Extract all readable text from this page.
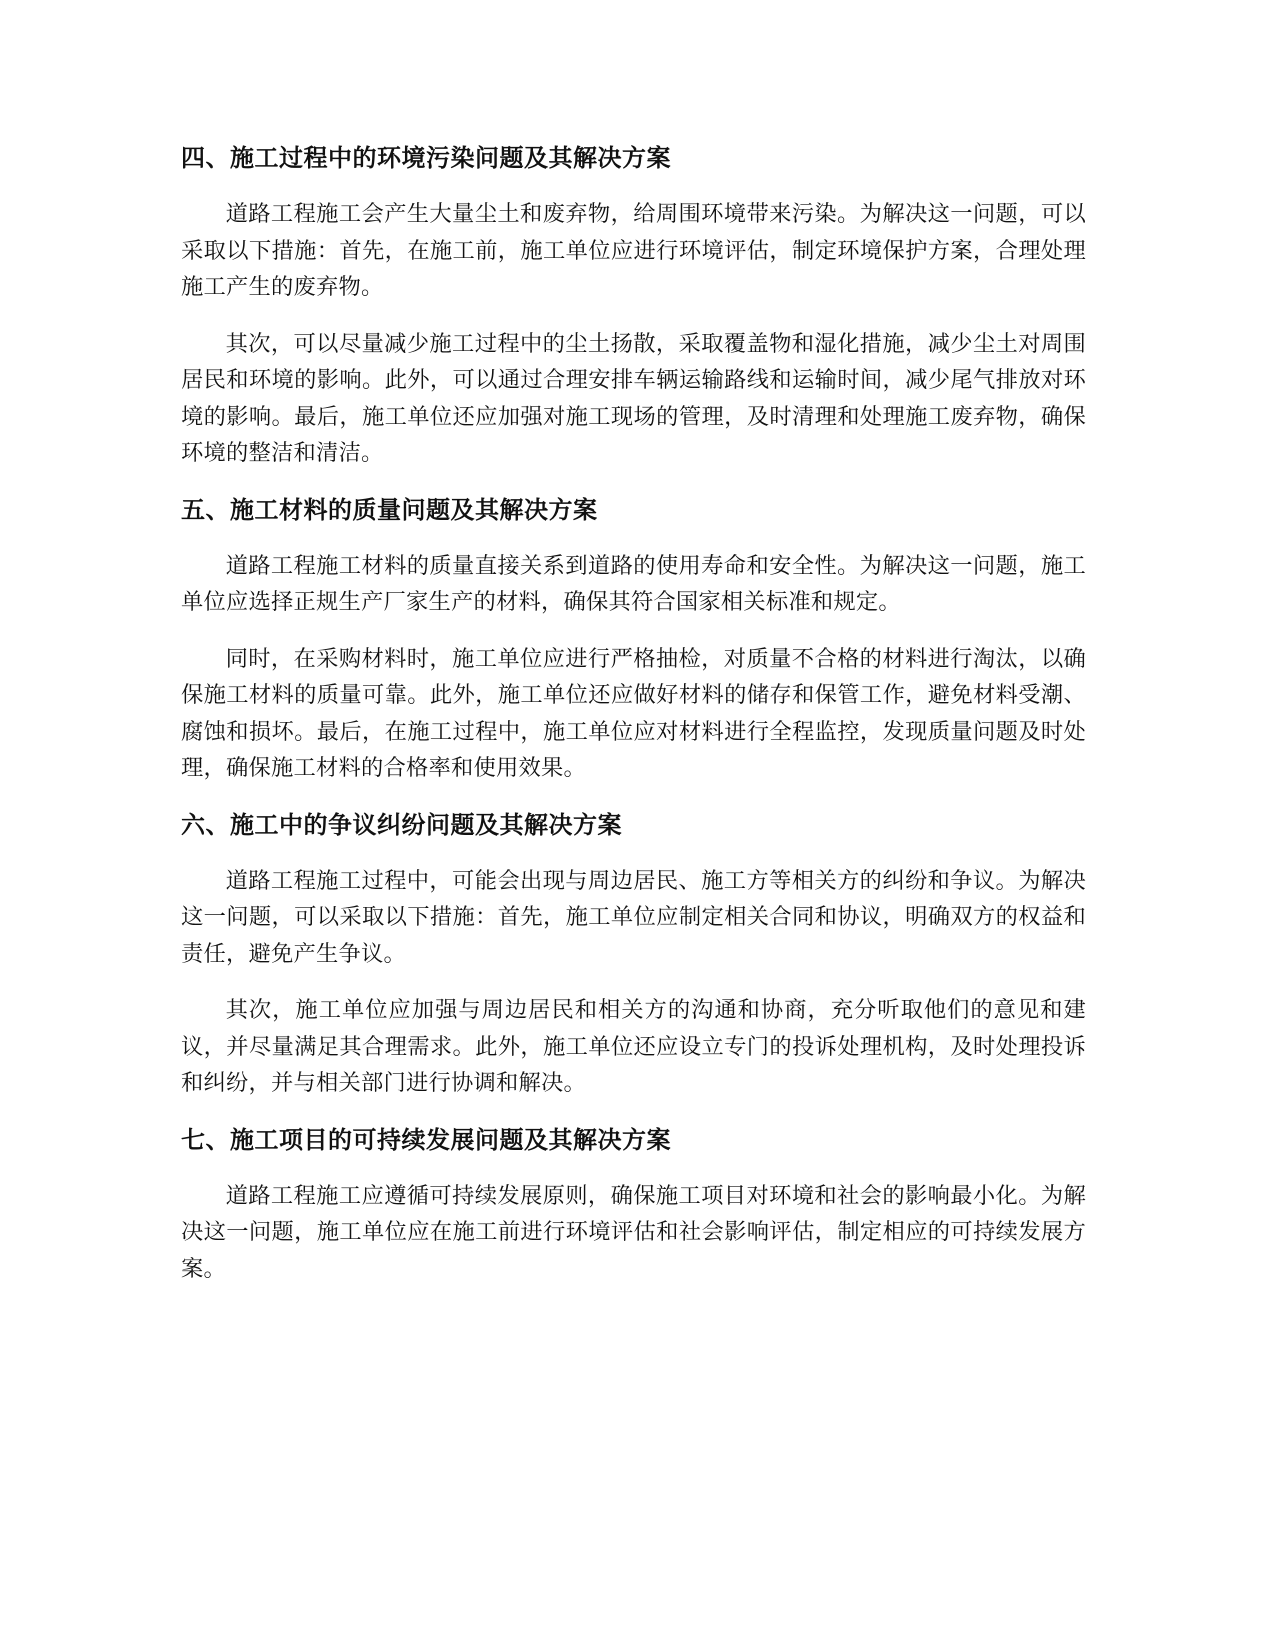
四、施工过程中的环境污染问题及其解决方案

道路工程施工会产生大量尘土和废弃物，给周围环境带来污染。为解决这一问题，可以采取以下措施：首先，在施工前，施工单位应进行环境评估，制定环境保护方案，合理处理施工产生的废弃物。

其次，可以尽量减少施工过程中的尘土扬散，采取覆盖物和湿化措施，减少尘土对周围居民和环境的影响。此外，可以通过合理安排车辆运输路线和运输时间，减少尾气排放对环境的影响。最后，施工单位还应加强对施工现场的管理，及时清理和处理施工废弃物，确保环境的整洁和清洁。

五、施工材料的质量问题及其解决方案

道路工程施工材料的质量直接关系到道路的使用寿命和安全性。为解决这一问题，施工单位应选择正规生产厂家生产的材料，确保其符合国家相关标准和规定。

同时，在采购材料时，施工单位应进行严格抽检，对质量不合格的材料进行淘汰，以确保施工材料的质量可靠。此外，施工单位还应做好材料的储存和保管工作，避免材料受潮、腐蚀和损坏。最后，在施工过程中，施工单位应对材料进行全程监控，发现质量问题及时处理，确保施工材料的合格率和使用效果。

六、施工中的争议纠纷问题及其解决方案

道路工程施工过程中，可能会出现与周边居民、施工方等相关方的纠纷和争议。为解决这一问题，可以采取以下措施：首先，施工单位应制定相关合同和协议，明确双方的权益和责任，避免产生争议。

其次，施工单位应加强与周边居民和相关方的沟通和协商，充分听取他们的意见和建议，并尽量满足其合理需求。此外，施工单位还应设立专门的投诉处理机构，及时处理投诉和纠纷，并与相关部门进行协调和解决。

七、施工项目的可持续发展问题及其解决方案

道路工程施工应遵循可持续发展原则，确保施工项目对环境和社会的影响最小化。为解决这一问题，施工单位应在施工前进行环境评估和社会影响评估，制定相应的可持续发展方案。
